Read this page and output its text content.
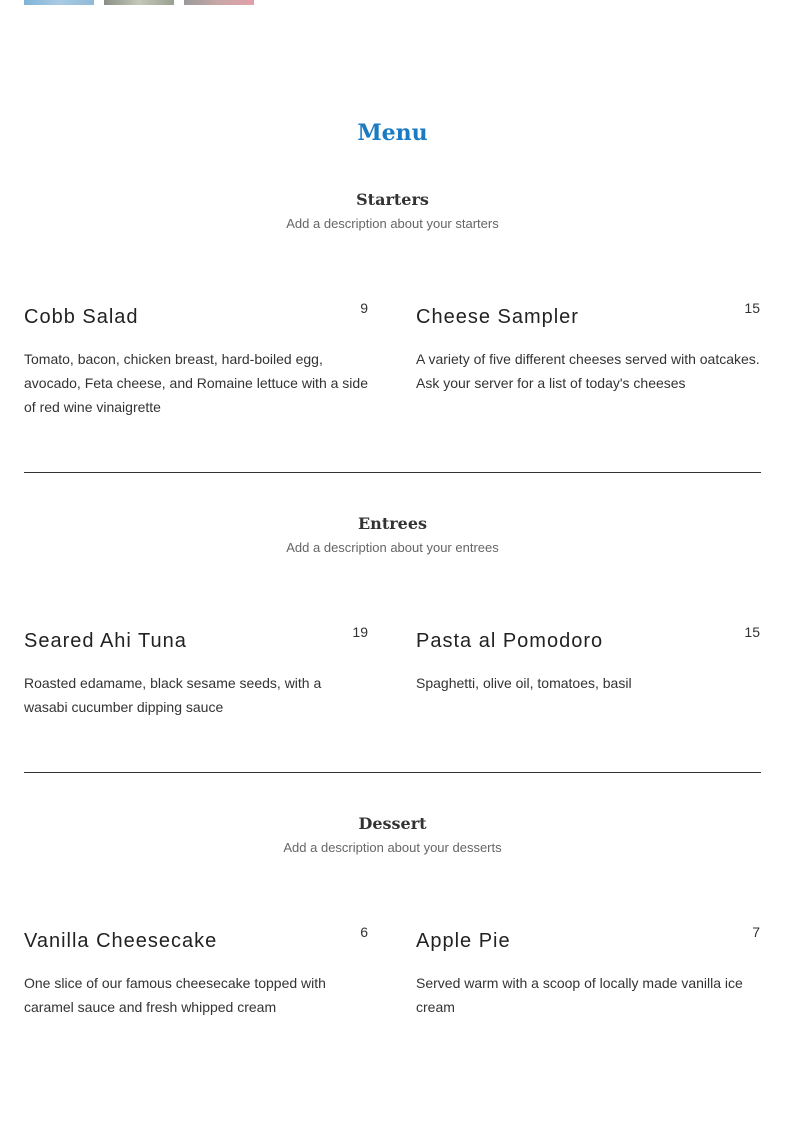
Menu
Starters

Add a description about your starters

Cobb Salad	9
Tomato, bacon, chicken breast, hard-boiled egg, avocado, Feta cheese, and Romaine lettuce with a side of red wine vinaigrette
Cheese Sampler	15
A variety of five different cheeses served with oatcakes. Ask your server for a list of today's cheeses
Entrees

Add a description about your entrees

Seared Ahi Tuna	19
Roasted edamame, black sesame seeds, with a wasabi cucumber dipping sauce
Pasta al Pomodoro	15
Spaghetti, olive oil, tomatoes, basil
Dessert

Add a description about your desserts

Vanilla Cheesecake	6
One slice of our famous cheesecake topped with caramel sauce and fresh whipped cream
Apple Pie	7
Served warm with a scoop of locally made vanilla ice cream
